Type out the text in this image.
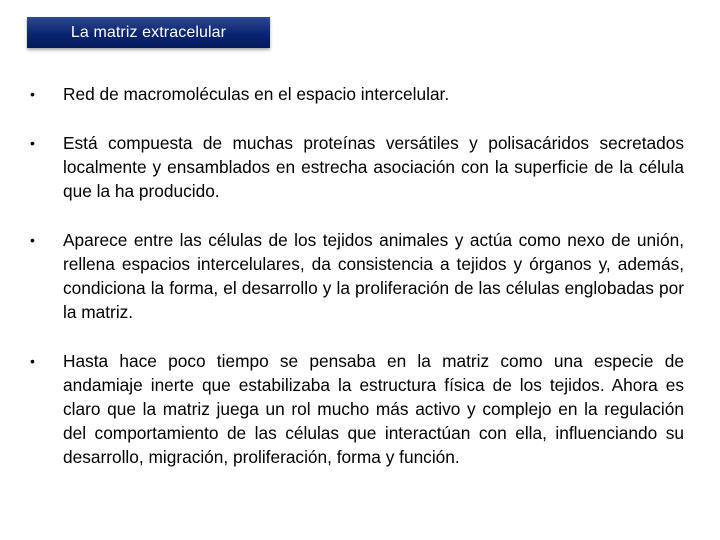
La matriz extracelular
•	Red de macromoléculas en el espacio intercelular.
•	Está compuesta de muchas proteínas versátiles y polisacáridos secretados localmente y ensamblados en estrecha asociación con la superficie de la célula que la ha producido.
•	Aparece entre las células de los tejidos animales y actúa como nexo de unión, rellena espacios intercelulares, da consistencia a tejidos y órganos y, además, condiciona la forma, el desarrollo y la proliferación de las células englobadas por la matriz.
•	Hasta hace poco tiempo se pensaba en la matriz como una especie de andamiaje inerte que estabilizaba la estructura física de los tejidos. Ahora es claro que la matriz juega un rol mucho más activo y complejo en la regulación del comportamiento de las células que interactúan con ella, influenciando su desarrollo, migración, proliferación, forma y función.
